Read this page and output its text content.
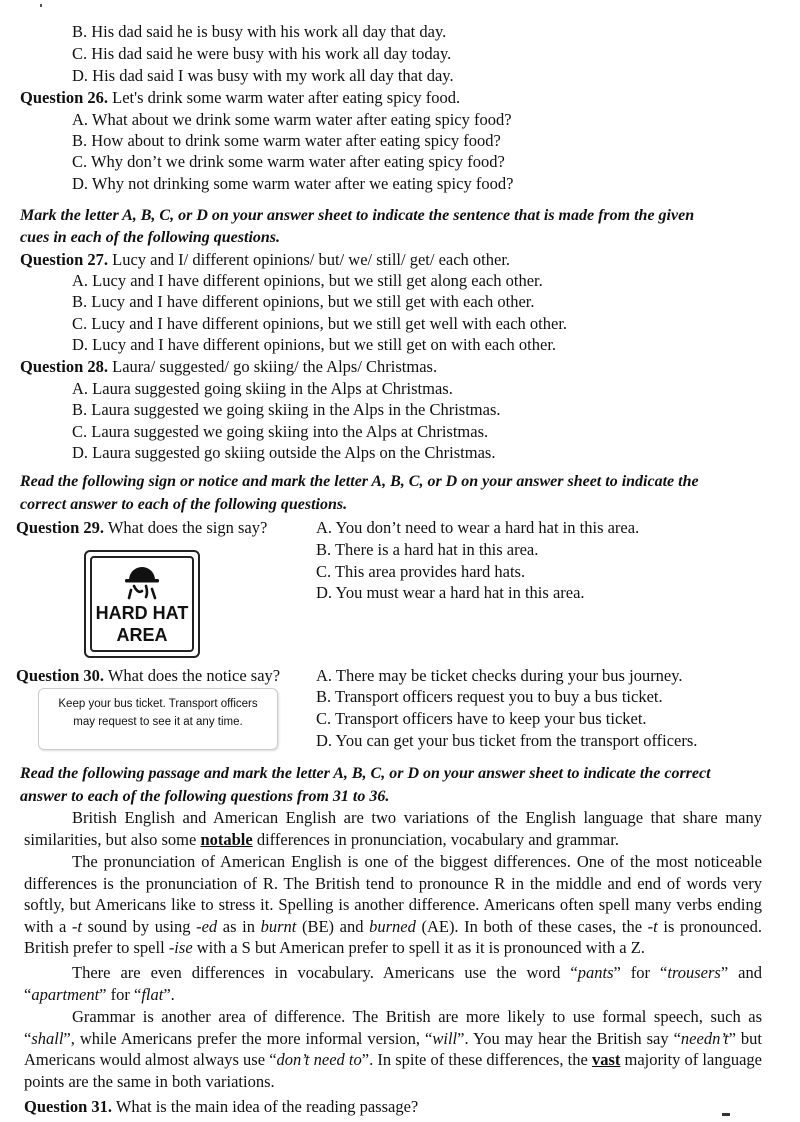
B. His dad said he is busy with his work all day that day.
C. His dad said he were busy with his work all day today.
D. His dad said I was busy with my work all day that day.
Question 26. Let's drink some warm water after eating spicy food.
A. What about we drink some warm water after eating spicy food?
B. How about to drink some warm water after eating spicy food?
C. Why don’t we drink some warm water after eating spicy food?
D. Why not drinking some warm water after we eating spicy food?
Mark the letter A, B, C, or D on your answer sheet to indicate the sentence that is made from the given
cues in each of the following questions.
Question 27. Lucy and I/ different opinions/ but/ we/ still/ get/ each other.
A. Lucy and I have different opinions, but we still get along each other.
B. Lucy and I have different opinions, but we still get with each other.
C. Lucy and I have different opinions, but we still get well with each other.
D. Lucy and I have different opinions, but we still get on with each other.
Question 28. Laura/ suggested/ go skiing/ the Alps/ Christmas.
A. Laura suggested going skiing in the Alps at Christmas.
B. Laura suggested we going skiing in the Alps in the Christmas.
C. Laura suggested we going skiing into the Alps at Christmas.
D. Laura suggested go skiing outside the Alps on the Christmas.
Read the following sign or notice and mark the letter A, B, C, or D on your answer sheet to indicate the
correct answer to each of the following questions.
Question 29. What does the sign say?	A. You don’t need to wear a hard hat in this area.
B. There is a hard hat in this area.
C. This area provides hard hats.
D. You must wear a hard hat in this area.
HARD HAT
AREA
Question 30. What does the notice say? A. There may be ticket checks during your bus journey.
B. Transport officers request you to buy a bus ticket.
C. Transport officers have to keep your bus ticket.
D. You can get your bus ticket from the transport officers.
Keep your bus ticket. Transport officers
may request to see it at any time.
Read the following passage and mark the letter A, B, C, or D on your answer sheet to indicate the correct
answer to each of the following questions from 31 to 36.
British English and American English are two variations of the English language that share many similarities, but also some notable differences in pronunciation, vocabulary and grammar.
The pronunciation of American English is one of the biggest differences. One of the most noticeable differences is the pronunciation of R. The British tend to pronounce R in the middle and end of words very softly, but Americans like to stress it. Spelling is another difference. Americans often spell many verbs ending with a -t sound by using -ed as in burnt (BE) and burned (AE). In both of these cases, the -t is pronounced. British prefer to spell -ise with a S but American prefer to spell it as it is pronounced with a Z.
There are even differences in vocabulary. Americans use the word “pants” for “trousers” and “apartment” for “flat”.
Grammar is another area of difference. The British are more likely to use formal speech, such as “shall”, while Americans prefer the more informal version, “will”. You may hear the British say “needn’t” but Americans would almost always use “don’t need to”. In spite of these differences, the vast majority of language points are the same in both variations.
Question 31. What is the main idea of the reading passage?
